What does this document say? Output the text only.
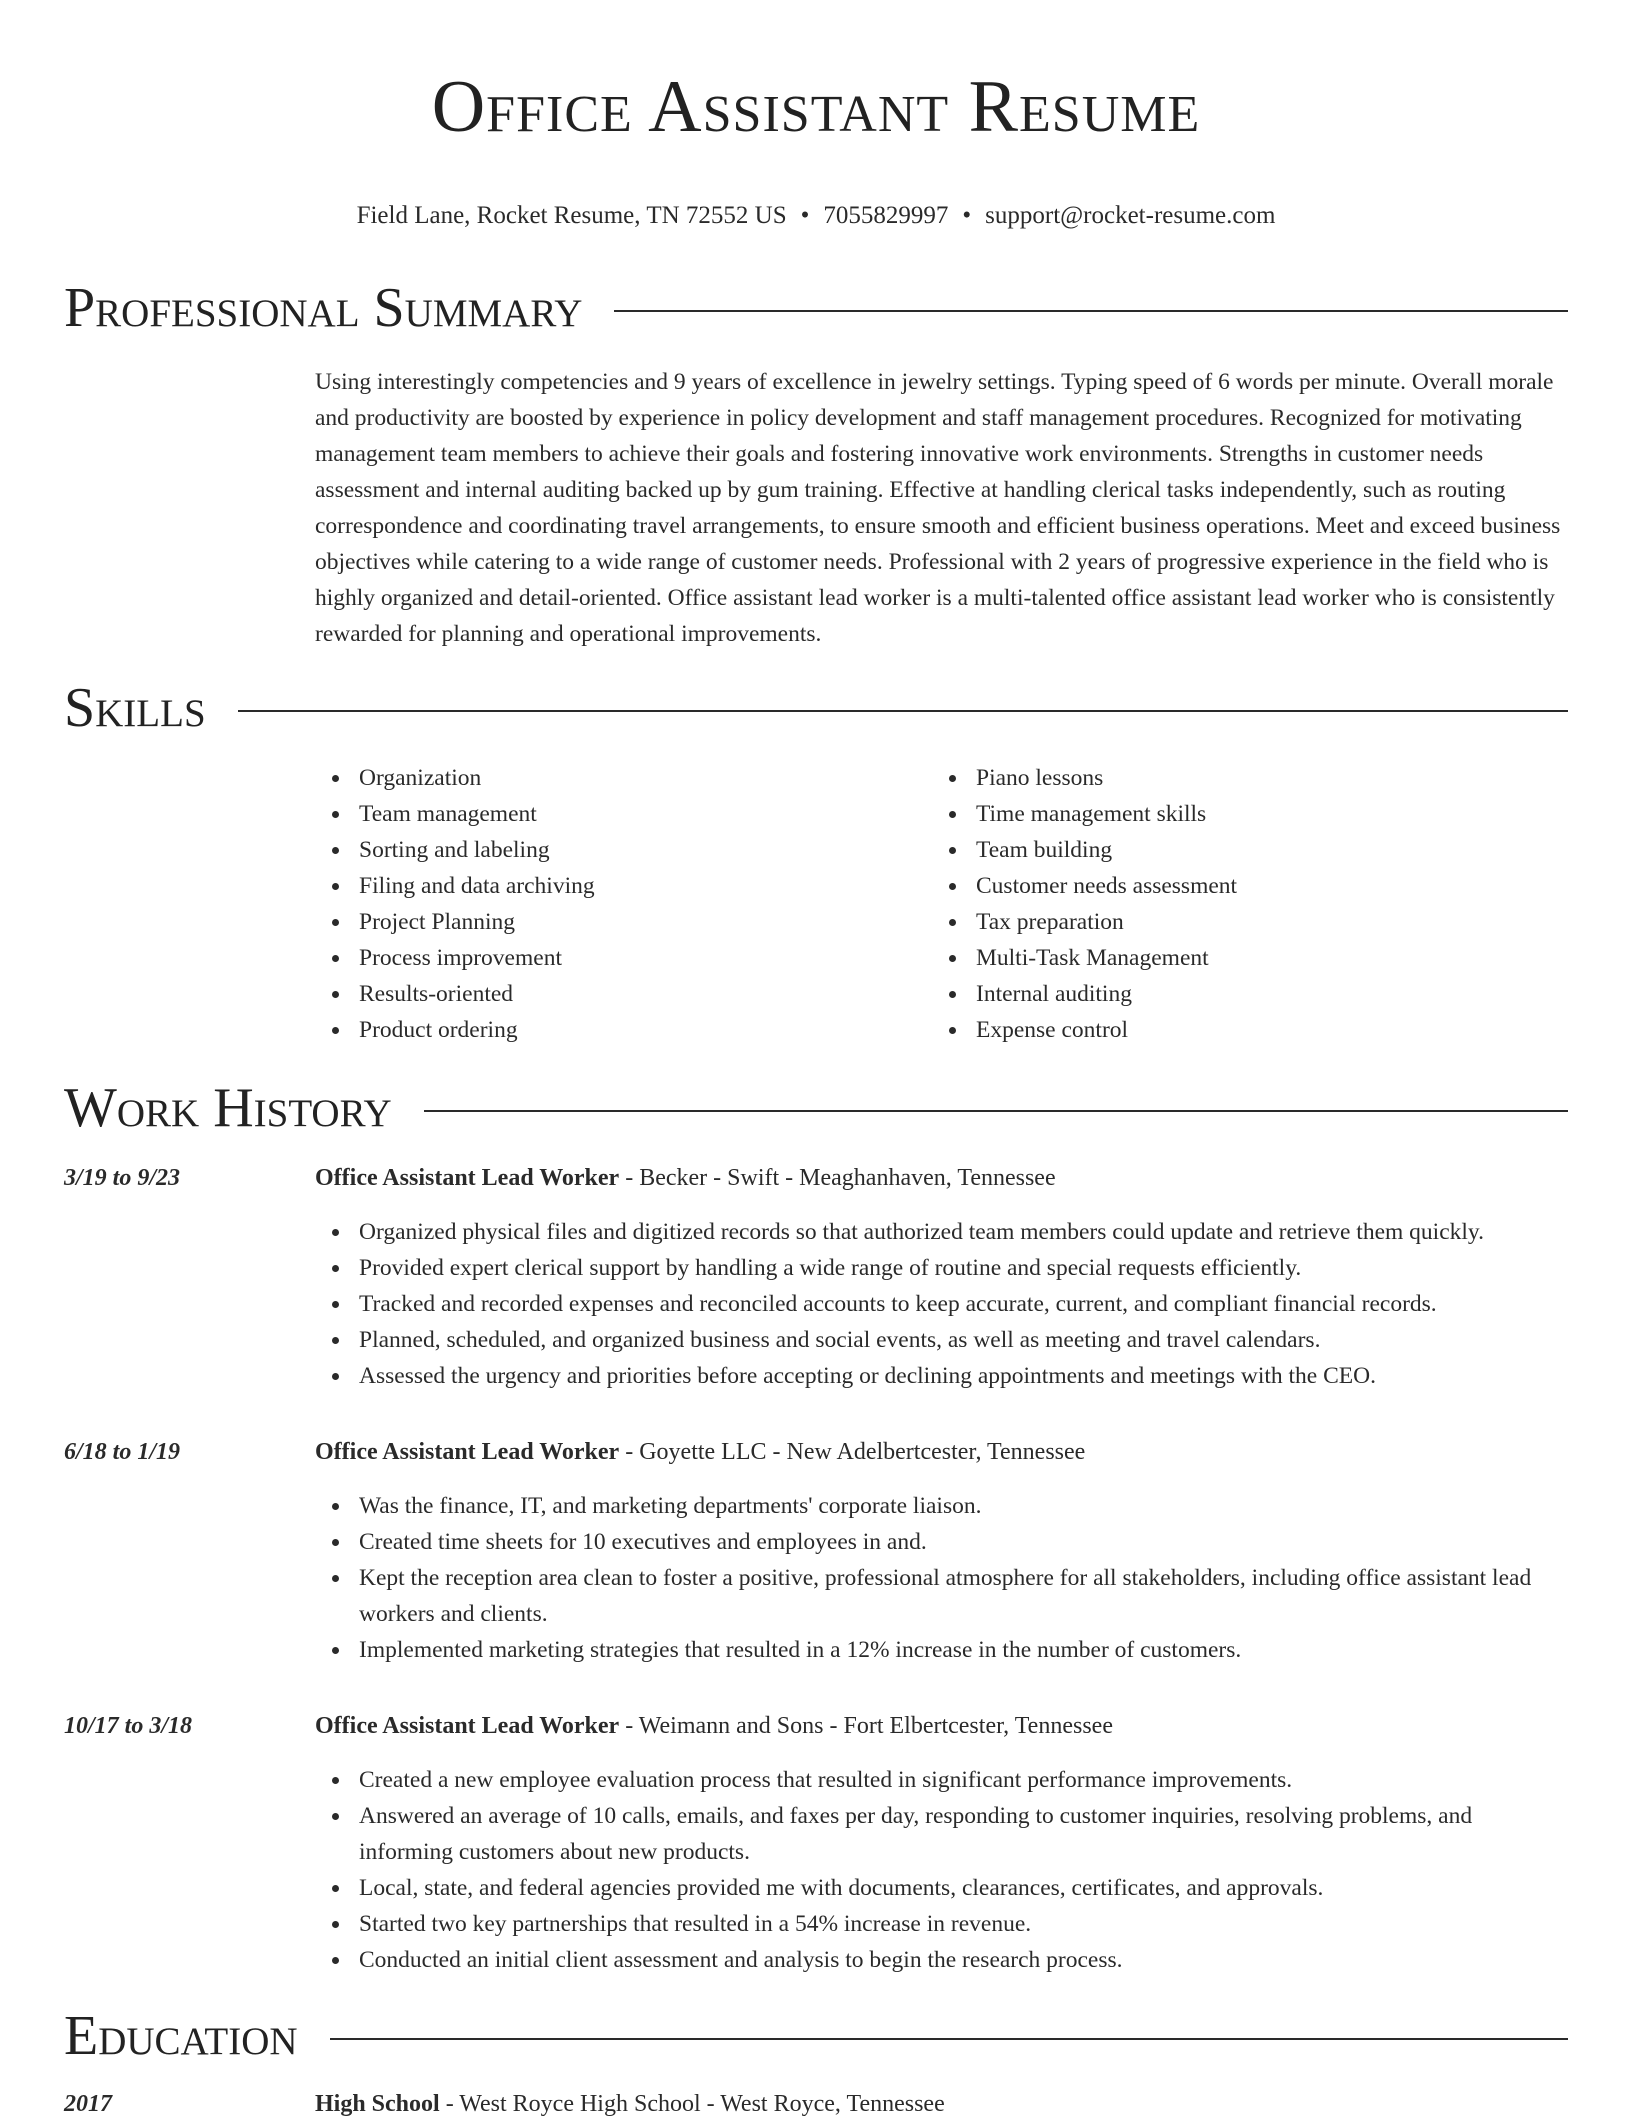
Office Assistant Resume
Field Lane, Rocket Resume, TN 72552 US • 7055829997 • support@rocket-resume.com
Professional Summary
Using interestingly competencies and 9 years of excellence in jewelry settings. Typing speed of 6 words per minute. Overall morale and productivity are boosted by experience in policy development and staff management procedures. Recognized for motivating management team members to achieve their goals and fostering innovative work environments. Strengths in customer needs assessment and internal auditing backed up by gum training. Effective at handling clerical tasks independently, such as routing correspondence and coordinating travel arrangements, to ensure smooth and efficient business operations. Meet and exceed business objectives while catering to a wide range of customer needs. Professional with 2 years of progressive experience in the field who is highly organized and detail-oriented. Office assistant lead worker is a multi-talented office assistant lead worker who is consistently rewarded for planning and operational improvements.
Skills
Organization
Team management
Sorting and labeling
Filing and data archiving
Project Planning
Process improvement
Results-oriented
Product ordering
Piano lessons
Time management skills
Team building
Customer needs assessment
Tax preparation
Multi-Task Management
Internal auditing
Expense control
Work History
3/19 to 9/23	Office Assistant Lead Worker - Becker - Swift - Meaghanhaven, Tennessee
Organized physical files and digitized records so that authorized team members could update and retrieve them quickly.
Provided expert clerical support by handling a wide range of routine and special requests efficiently.
Tracked and recorded expenses and reconciled accounts to keep accurate, current, and compliant financial records.
Planned, scheduled, and organized business and social events, as well as meeting and travel calendars.
Assessed the urgency and priorities before accepting or declining appointments and meetings with the CEO.
6/18 to 1/19	Office Assistant Lead Worker - Goyette LLC - New Adelbertcester, Tennessee
Was the finance, IT, and marketing departments' corporate liaison.
Created time sheets for 10 executives and employees in and.
Kept the reception area clean to foster a positive, professional atmosphere for all stakeholders, including office assistant lead workers and clients.
Implemented marketing strategies that resulted in a 12% increase in the number of customers.
10/17 to 3/18	Office Assistant Lead Worker - Weimann and Sons - Fort Elbertcester, Tennessee
Created a new employee evaluation process that resulted in significant performance improvements.
Answered an average of 10 calls, emails, and faxes per day, responding to customer inquiries, resolving problems, and informing customers about new products.
Local, state, and federal agencies provided me with documents, clearances, certificates, and approvals.
Started two key partnerships that resulted in a 54% increase in revenue.
Conducted an initial client assessment and analysis to begin the research process.
Education
2017	High School - West Royce High School - West Royce, Tennessee
